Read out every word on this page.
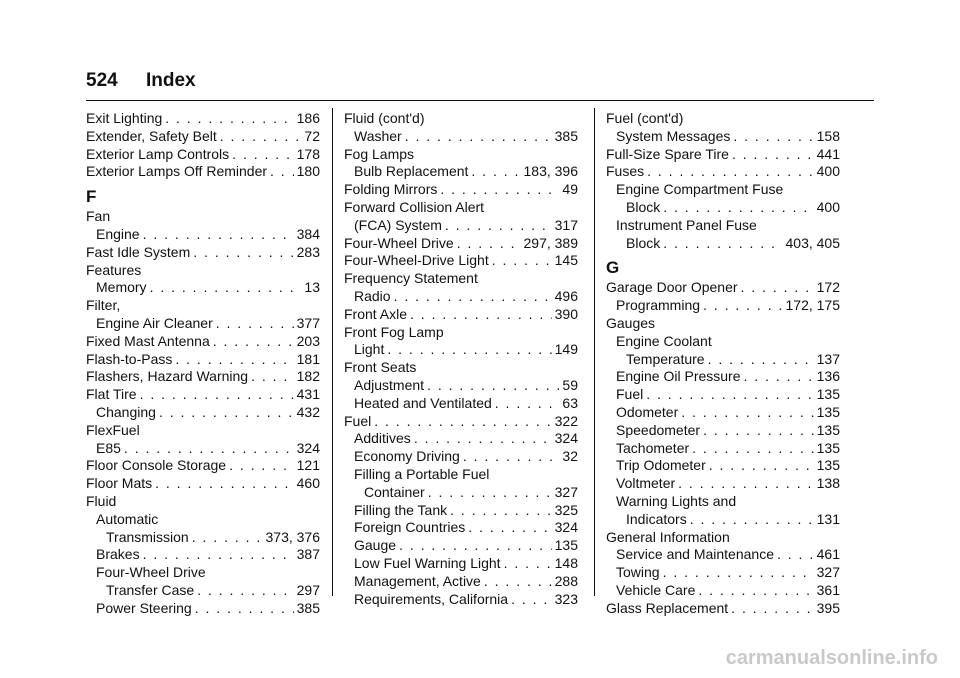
524 Index
Exit Lighting . . .	186
Extender, Safety Belt . . .	72
Exterior Lamp Controls . . .	178
Exterior Lamps Off Reminder . . . 180
F
Fan
Engine . . .	384
Fast Idle System . . .	283
Features
Memory . . .	13
Filter,
Engine Air Cleaner . . .	377
Fixed Mast Antenna . . .	203
Flash-to-Pass . . .	181
Flashers, Hazard Warning . . .	182
Flat Tire . . .	431
Changing . . .	432
FlexFuel
E85 . . .	324
Floor Console Storage . . .	121
Floor Mats . . .	460
Fluid
Automatic
Transmission . . .	373, 376
Brakes . . .	387
Four-Wheel Drive
Transfer Case . . .	297
Power Steering . . .	385
Fluid (cont'd)
Washer . . .	385
Fog Lamps
Bulb Replacement . . .	183, 396
Folding Mirrors . . .	49
Forward Collision Alert
(FCA) System . . .	317
Four-Wheel Drive . . .	297, 389
Four-Wheel-Drive Light . . .	145
Frequency Statement
Radio . . .	496
Front Axle . . .	390
Front Fog Lamp
Light . . .	149
Front Seats
Adjustment . . .	59
Heated and Ventilated . . .	63
Fuel . . .	322
Additives . . .	324
Economy Driving . . .	32
Filling a Portable Fuel
Container . . .	327
Filling the Tank . . .	325
Foreign Countries . . .	324
Gauge . . .	135
Low Fuel Warning Light . . .	148
Management, Active . . .	288
Requirements, California . . .	323
Fuel (cont'd)
System Messages . . .	158
Full-Size Spare Tire . . .	441
Fuses . . .	400
Engine Compartment Fuse
Block . . .	400
Instrument Panel Fuse
Block . . .	403, 405
G
Garage Door Opener . . .	172
Programming . . .	172, 175
Gauges
Engine Coolant
Temperature . . .	137
Engine Oil Pressure . . .	136
Fuel . . .	135
Odometer . . .	135
Speedometer . . .	135
Tachometer . . .	135
Trip Odometer . . .	135
Voltmeter . . .	138
Warning Lights and
Indicators . . .	131
General Information
Service and Maintenance . . .	461
Towing . . .	327
Vehicle Care . . .	361
Glass Replacement . . .	395
carmanualsonline.info
